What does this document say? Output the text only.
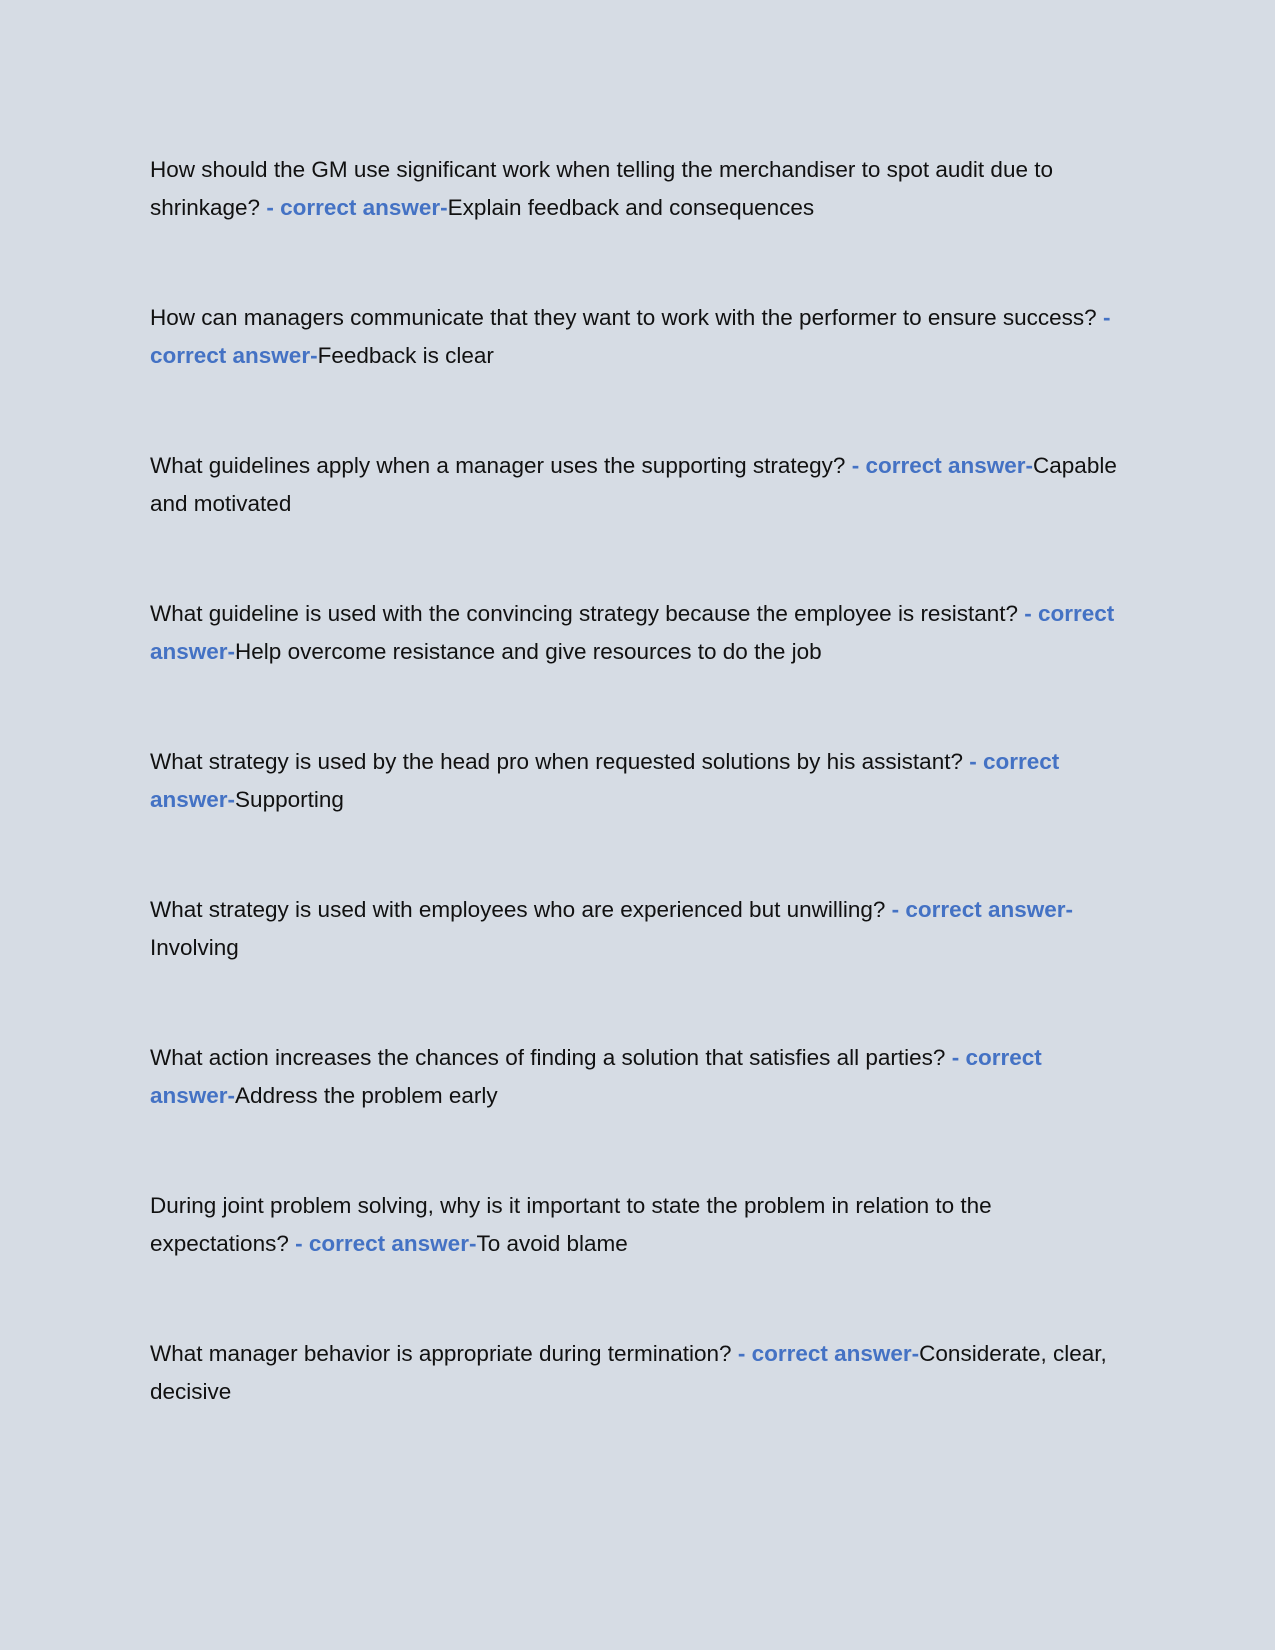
How should the GM use significant work when telling the merchandiser to spot audit due to shrinkage? - correct answer-Explain feedback and consequences

How can managers communicate that they want to work with the performer to ensure success? - correct answer-Feedback is clear

What guidelines apply when a manager uses the supporting strategy? - correct answer-Capable and motivated

What guideline is used with the convincing strategy because the employee is resistant? - correct answer-Help overcome resistance and give resources to do the job

What strategy is used by the head pro when requested solutions by his assistant? - correct answer-Supporting

What strategy is used with employees who are experienced but unwilling? - correct answer-Involving

What action increases the chances of finding a solution that satisfies all parties? - correct answer-Address the problem early

During joint problem solving, why is it important to state the problem in relation to the expectations? - correct answer-To avoid blame

What manager behavior is appropriate during termination? - correct answer-Considerate, clear, decisive
